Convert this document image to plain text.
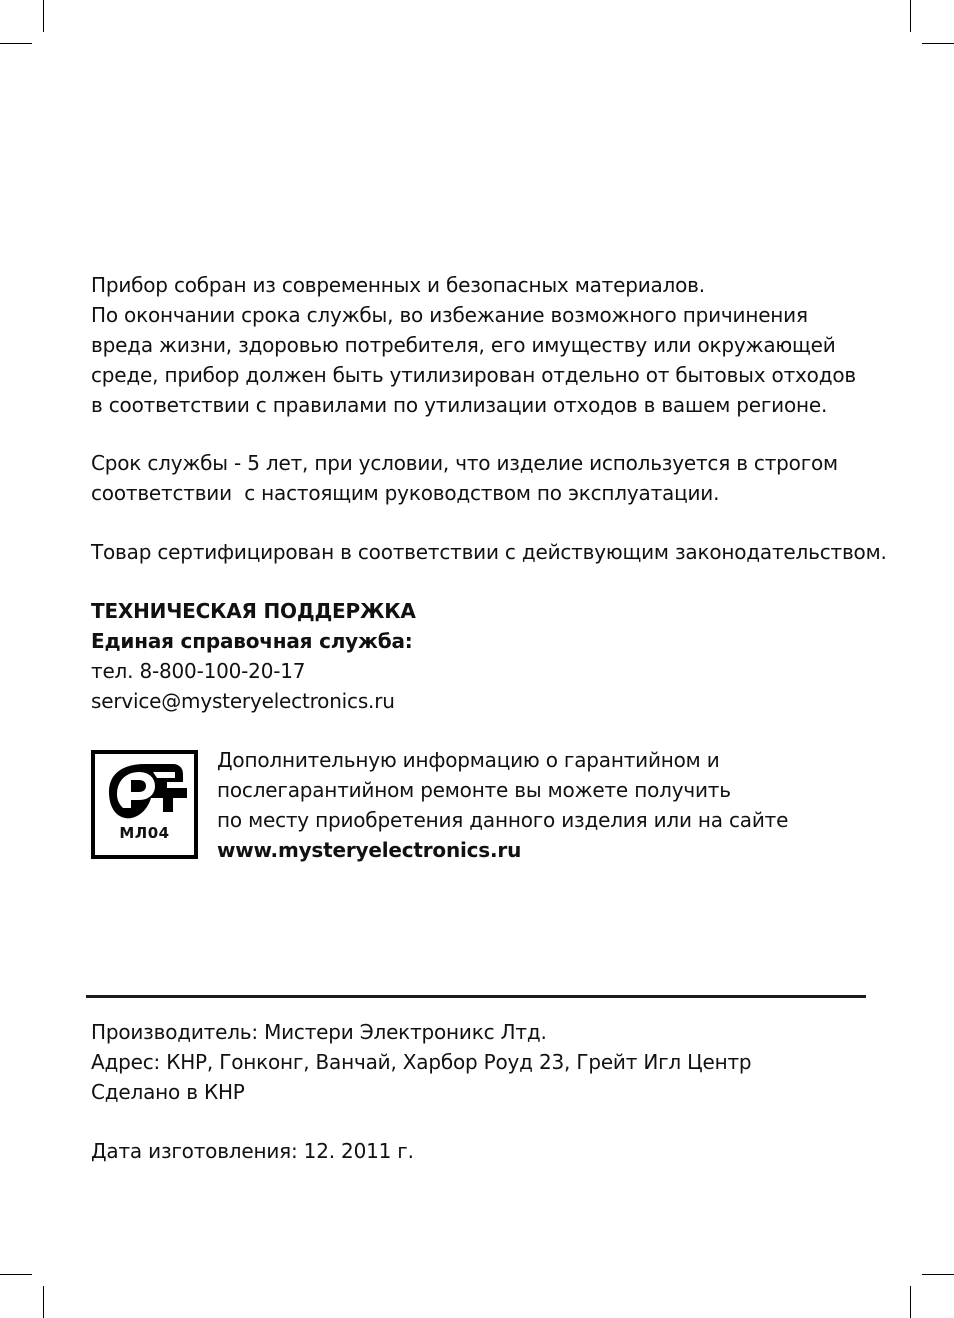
Прибор собран из современных и безопасных материалов.
По окончании срока службы, во избежание возможного причинения
вреда жизни, здоровью потребителя, его имуществу или окружающей
среде, прибор должен быть утилизирован отдельно от бытовых отходов
в соответствии с правилами по утилизации отходов в вашем регионе.
Срок службы - 5 лет, при условии, что изделие используется в строгом
соответствии  с настоящим руководством по эксплуатации.
Товар сертифицирован в соответствии с действующим законодательством.
ТЕХНИЧЕСКАЯ ПОДДЕРЖКА
Единая справочная служба:
тел. 8-800-100-20-17
service@mysteryelectronics.ru
МЛ04
Дополнительную информацию о гарантийном и
послегарантийном ремонте вы можете получить
по месту приобретения данного изделия или на сайте
www.mysteryelectronics.ru
Производитель: Мистери Электроникс Лтд.
Адрес: КНР, Гонконг, Ванчай, Харбор Роуд 23, Грейт Игл Центр
Сделано в КНР
Дата изготовления: 12. 2011 г.
